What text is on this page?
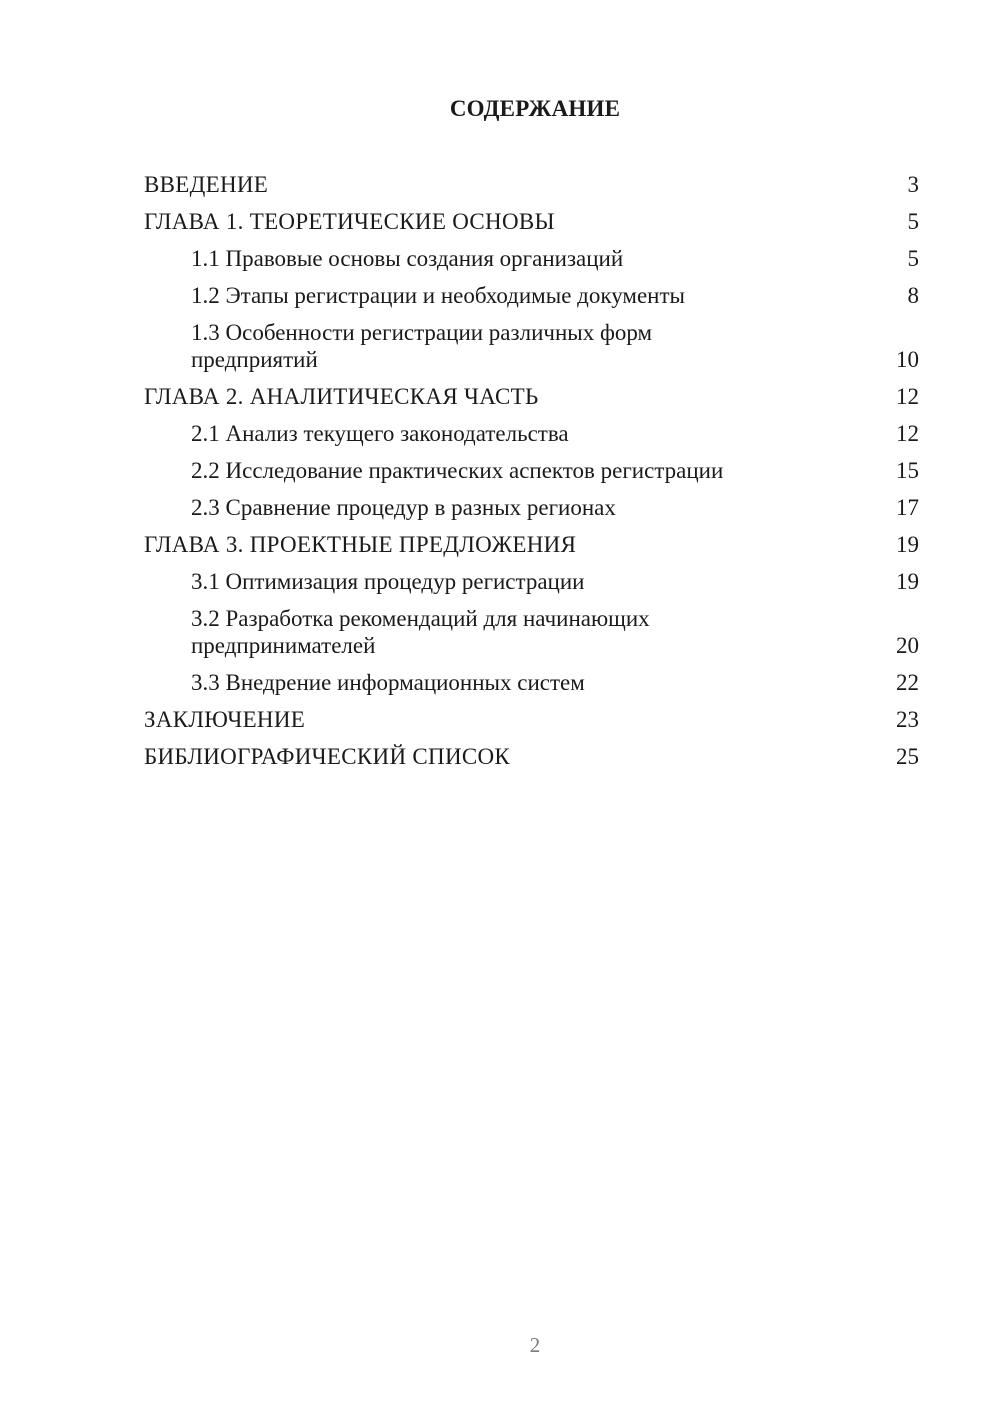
СОДЕРЖАНИЕ
ВВЕДЕНИЕ	3
ГЛАВА 1. ТЕОРЕТИЧЕСКИЕ ОСНОВЫ	5
1.1 Правовые основы создания организаций	5
1.2 Этапы регистрации и необходимые документы	8
1.3 Особенности регистрации различных форм предприятий	10
ГЛАВА 2. АНАЛИТИЧЕСКАЯ ЧАСТЬ	12
2.1 Анализ текущего законодательства	12
2.2 Исследование практических аспектов регистрации	15
2.3 Сравнение процедур в разных регионах	17
ГЛАВА 3. ПРОЕКТНЫЕ ПРЕДЛОЖЕНИЯ	19
3.1 Оптимизация процедур регистрации	19
3.2 Разработка рекомендаций для начинающих предпринимателей	20
3.3 Внедрение информационных систем	22
ЗАКЛЮЧЕНИЕ	23
БИБЛИОГРАФИЧЕСКИЙ СПИСОК	25
2
